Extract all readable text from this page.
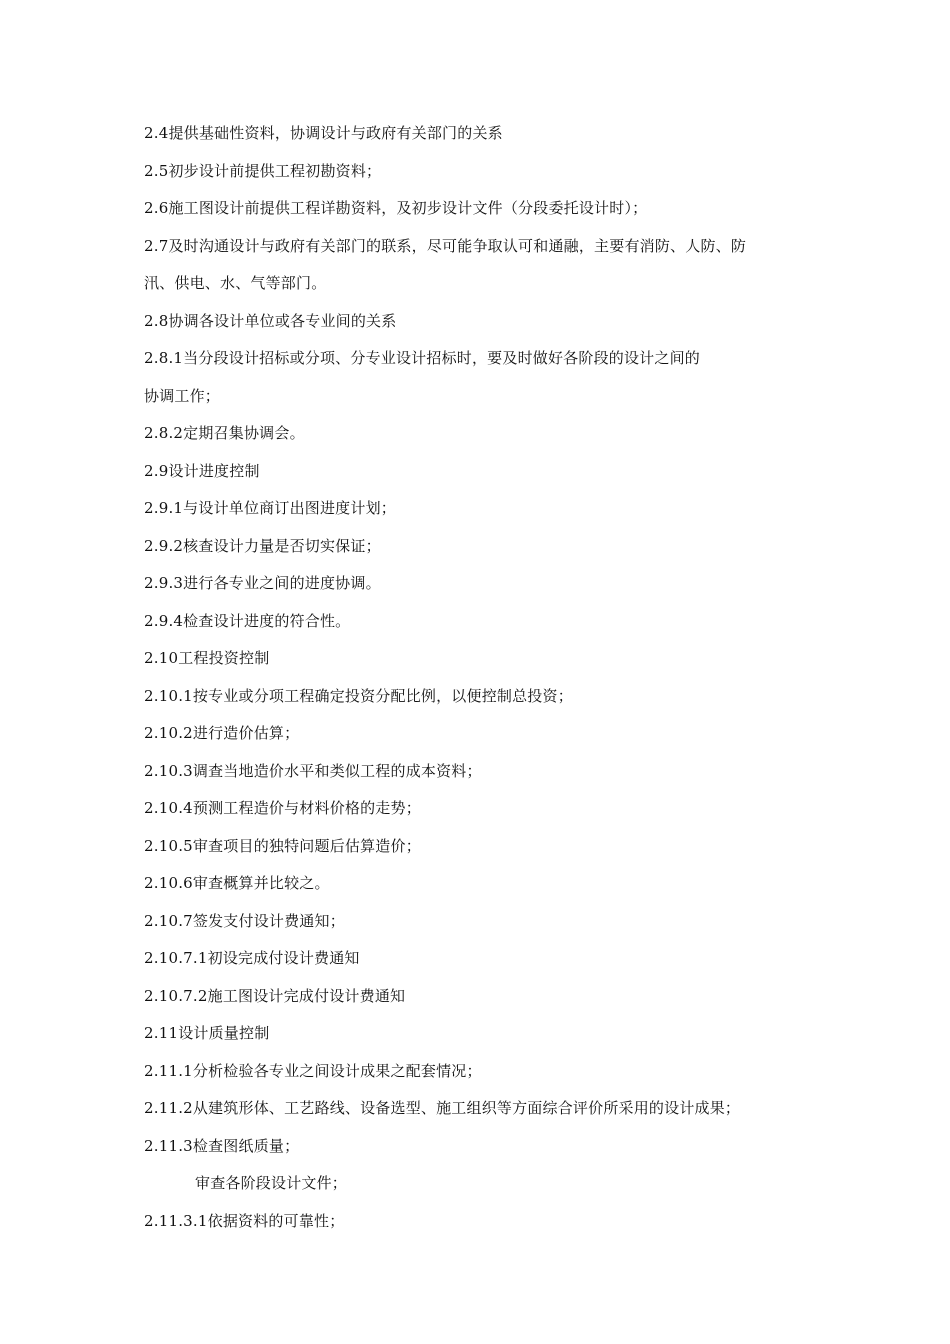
2.4提供基础性资料，协调设计与政府有关部门的关系
2.5初步设计前提供工程初勘资料；
2.6施工图设计前提供工程详勘资料，及初步设计文件（分段委托设计时）；
2.7及时沟通设计与政府有关部门的联系，尽可能争取认可和通融，主要有消防、人防、防
汛、供电、水、气等部门。
2.8协调各设计单位或各专业间的关系
2.8.1当分段设计招标或分项、分专业设计招标时，要及时做好各阶段的设计之间的
协调工作；
2.8.2定期召集协调会。
2.9设计进度控制
2.9.1与设计单位商订出图进度计划；
2.9.2核查设计力量是否切实保证；
2.9.3进行各专业之间的进度协调。
2.9.4检查设计进度的符合性。
2.10工程投资控制
2.10.1按专业或分项工程确定投资分配比例，以便控制总投资；
2.10.2进行造价估算；
2.10.3调查当地造价水平和类似工程的成本资料；
2.10.4预测工程造价与材料价格的走势；
2.10.5审查项目的独特问题后估算造价；
2.10.6审查概算并比较之。
2.10.7签发支付设计费通知；
2.10.7.1初设完成付设计费通知
2.10.7.2施工图设计完成付设计费通知
2.11设计质量控制
2.11.1分析检验各专业之间设计成果之配套情况；
2.11.2从建筑形体、工艺路线、设备选型、施工组织等方面综合评价所采用的设计成果；
2.11.3检查图纸质量；
审查各阶段设计文件；
2.11.3.1依据资料的可靠性；
